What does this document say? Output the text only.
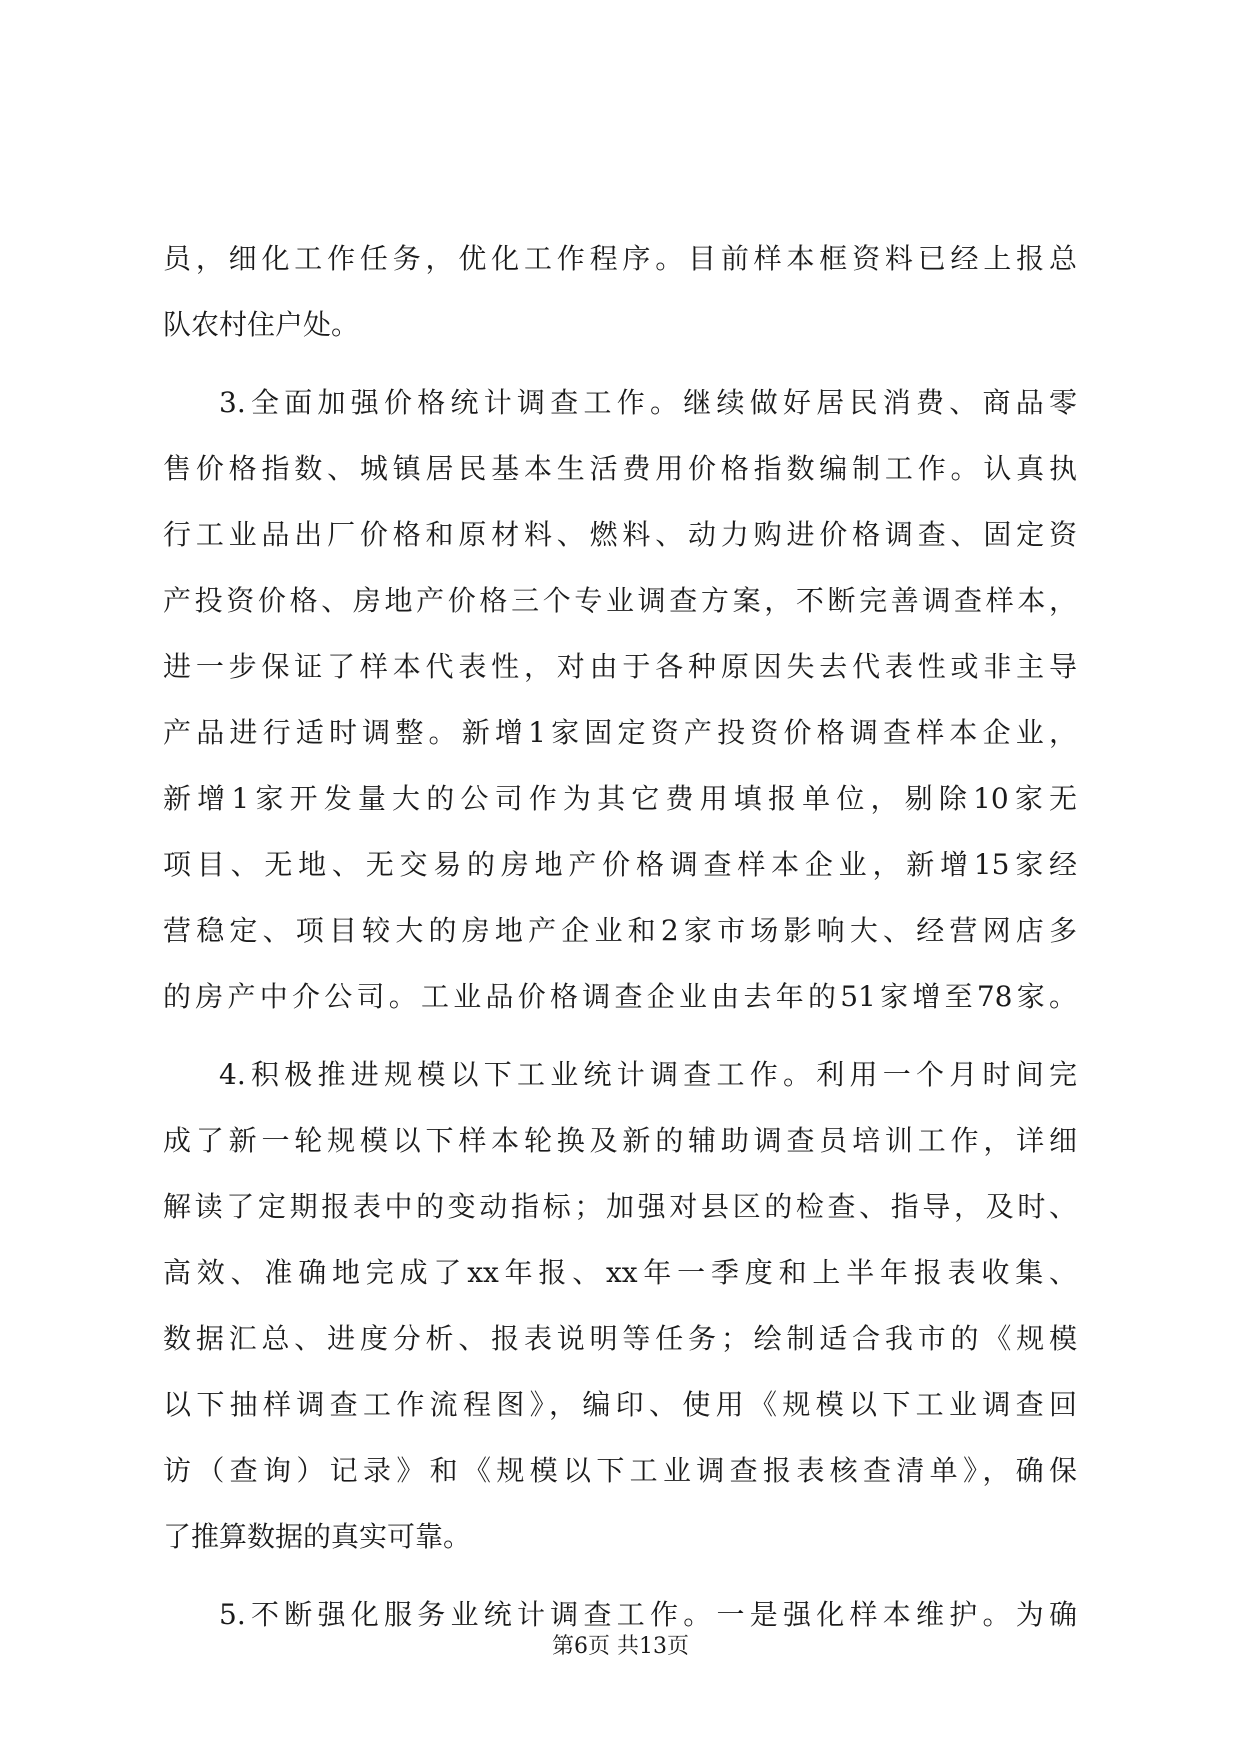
员，细化工作任务，优化工作程序。目前样本框资料已经上报总
队农村住户处。
3.全面加强价格统计调查工作。继续做好居民消费、商品零
售价格指数、城镇居民基本生活费用价格指数编制工作。认真执
行工业品出厂价格和原材料、燃料、动力购进价格调查、固定资
产投资价格、房地产价格三个专业调查方案，不断完善调查样本，
进一步保证了样本代表性，对由于各种原因失去代表性或非主导
产品进行适时调整。新增1家固定资产投资价格调查样本企业，
新增1家开发量大的公司作为其它费用填报单位，剔除10家无
项目、无地、无交易的房地产价格调查样本企业，新增15家经
营稳定、项目较大的房地产企业和2家市场影响大、经营网店多
的房产中介公司。工业品价格调查企业由去年的51家增至78家。
4.积极推进规模以下工业统计调查工作。利用一个月时间完
成了新一轮规模以下样本轮换及新的辅助调查员培训工作，详细
解读了定期报表中的变动指标；加强对县区的检查、指导，及时、
高效、准确地完成了xx年报、xx年一季度和上半年报表收集、
数据汇总、进度分析、报表说明等任务；绘制适合我市的《规模
以下抽样调查工作流程图》，编印、使用《规模以下工业调查回
访（查询）记录》和《规模以下工业调查报表核查清单》，确保
了推算数据的真实可靠。
5.不断强化服务业统计调查工作。一是强化样本维护。为确
第6页 共13页
